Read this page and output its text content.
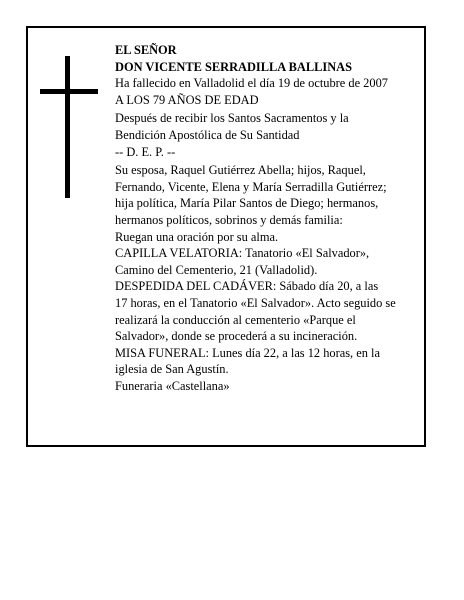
EL SEÑOR

DON VICENTE SERRADILLA BALLINAS

Ha fallecido en Valladolid el día 19 de octubre de 2007

A LOS 79 AÑOS DE EDAD

Después de recibir los Santos Sacramentos y la

Bendición Apostólica de Su Santidad

-- D. E. P. --

Su esposa, Raquel Gutiérrez Abella; hijos, Raquel,

Fernando, Vicente, Elena y María Serradilla Gutiérrez;

hija política, María Pilar Santos de Diego; hermanos,

hermanos políticos, sobrinos y demás familia:

Ruegan una oración por su alma.

CAPILLA VELATORIA: Tanatorio «El Salvador»,

Camino del Cementerio, 21 (Valladolid).

DESPEDIDA DEL CADÁVER: Sábado día 20, a las

17 horas, en el Tanatorio «El Salvador». Acto seguido se

realizará la conducción al cementerio «Parque el

Salvador», donde se procederá a su incineración.

MISA FUNERAL: Lunes día 22, a las 12 horas, en la

iglesia de San Agustín.

Funeraria «Castellana»
